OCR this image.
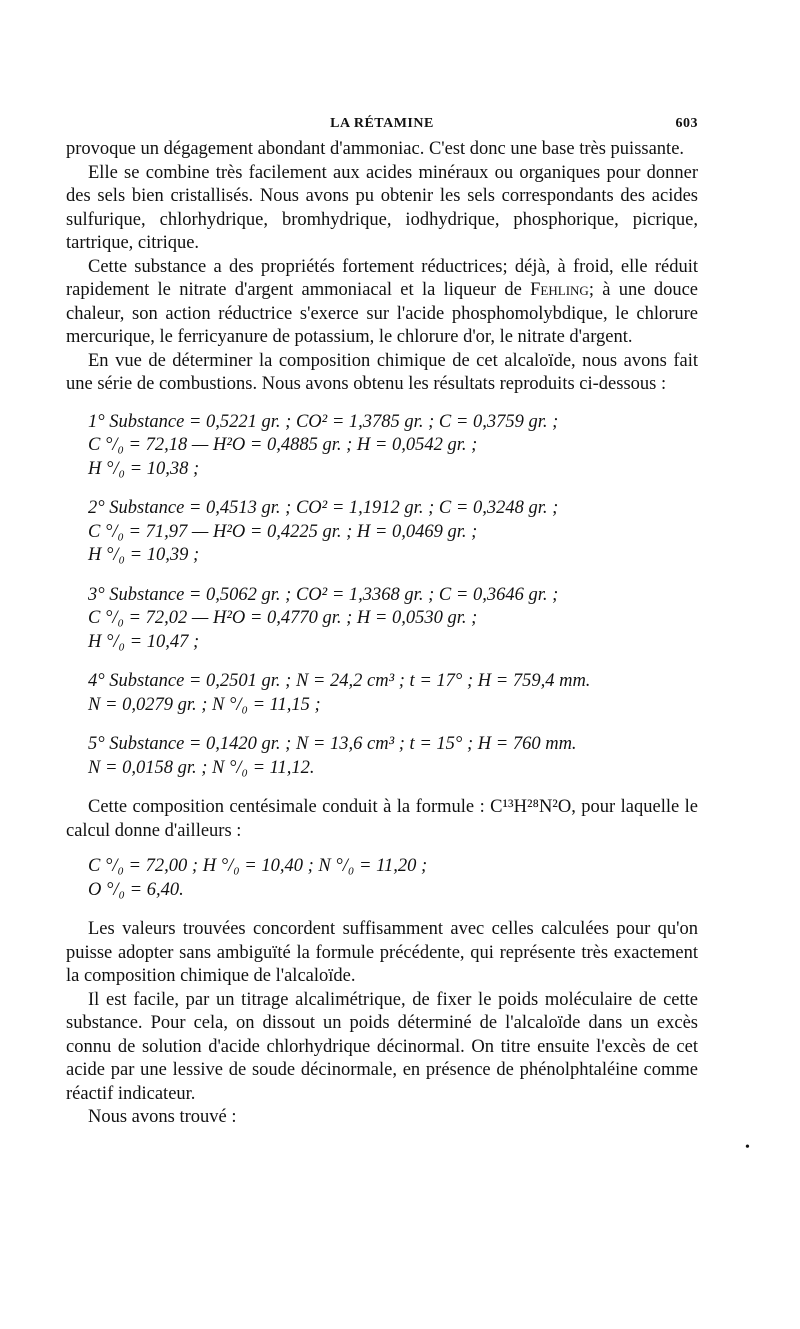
LA RÉTAMINE	603

provoque un dégagement abondant d'ammoniac. C'est donc une base très puissante.

Elle se combine très facilement aux acides minéraux ou organiques pour donner des sels bien cristallisés. Nous avons pu obtenir les sels correspondants des acides sulfurique, chlorhydrique, bromhydrique, iodhydrique, phosphorique, picrique, tartrique, citrique.

Cette substance a des propriétés fortement réductrices; déjà, à froid, elle réduit rapidement le nitrate d'argent ammoniacal et la liqueur de Fehling; à une douce chaleur, son action réductrice s'exerce sur l'acide phosphomolybdique, le chlorure mercurique, le ferricyanure de potassium, le chlorure d'or, le nitrate d'argent.

En vue de déterminer la composition chimique de cet alcaloïde, nous avons fait une série de combustions. Nous avons obtenu les résultats reproduits ci-dessous :

1° Substance = 0,5221 gr. ; CO² = 1,3785 gr. ; C = 0,3759 gr. ;
C °/₀ = 72,18 — H²O = 0,4885 gr. ; H = 0,0542 gr. ;
H °/₀ = 10,38 ;
2° Substance = 0,4513 gr. ; CO² = 1,1912 gr. ; C = 0,3248 gr. ;
C °/₀ = 71,97 — H²O = 0,4225 gr. ; H = 0,0469 gr. ;
H °/₀ = 10,39 ;
3° Substance = 0,5062 gr. ; CO² = 1,3368 gr. ; C = 0,3646 gr. ;
C °/₀ = 72,02 — H²O = 0,4770 gr. ; H = 0,0530 gr. ;
H °/₀ = 10,47 ;
4° Substance = 0,2501 gr. ; N = 24,2 cm³ ; t = 17° ; H = 759,4 mm.
N = 0,0279 gr. ; N °/₀ = 11,15 ;
5° Substance = 0,1420 gr. ; N = 13,6 cm³ ; t = 15° ; H = 760 mm.
N = 0,0158 gr. ; N °/₀ = 11,12.

Cette composition centésimale conduit à la formule : C¹³H²⁸N²O, pour laquelle le calcul donne d'ailleurs :

C °/₀ = 72,00 ; H °/₀ = 10,40 ; N °/₀ = 11,20 ;
O °/₀ = 6,40.

Les valeurs trouvées concordent suffisamment avec celles calculées pour qu'on puisse adopter sans ambiguïté la formule précédente, qui représente très exactement la composition chimique de l'alcaloïde.

Il est facile, par un titrage alcalimétrique, de fixer le poids moléculaire de cette substance. Pour cela, on dissout un poids déterminé de l'alcaloïde dans un excès connu de solution d'acide chlorhydrique décinormal. On titre ensuite l'excès de cet acide par une lessive de soude décinormale, en présence de phénolphtaléine comme réactif indicateur.

Nous avons trouvé :

•
